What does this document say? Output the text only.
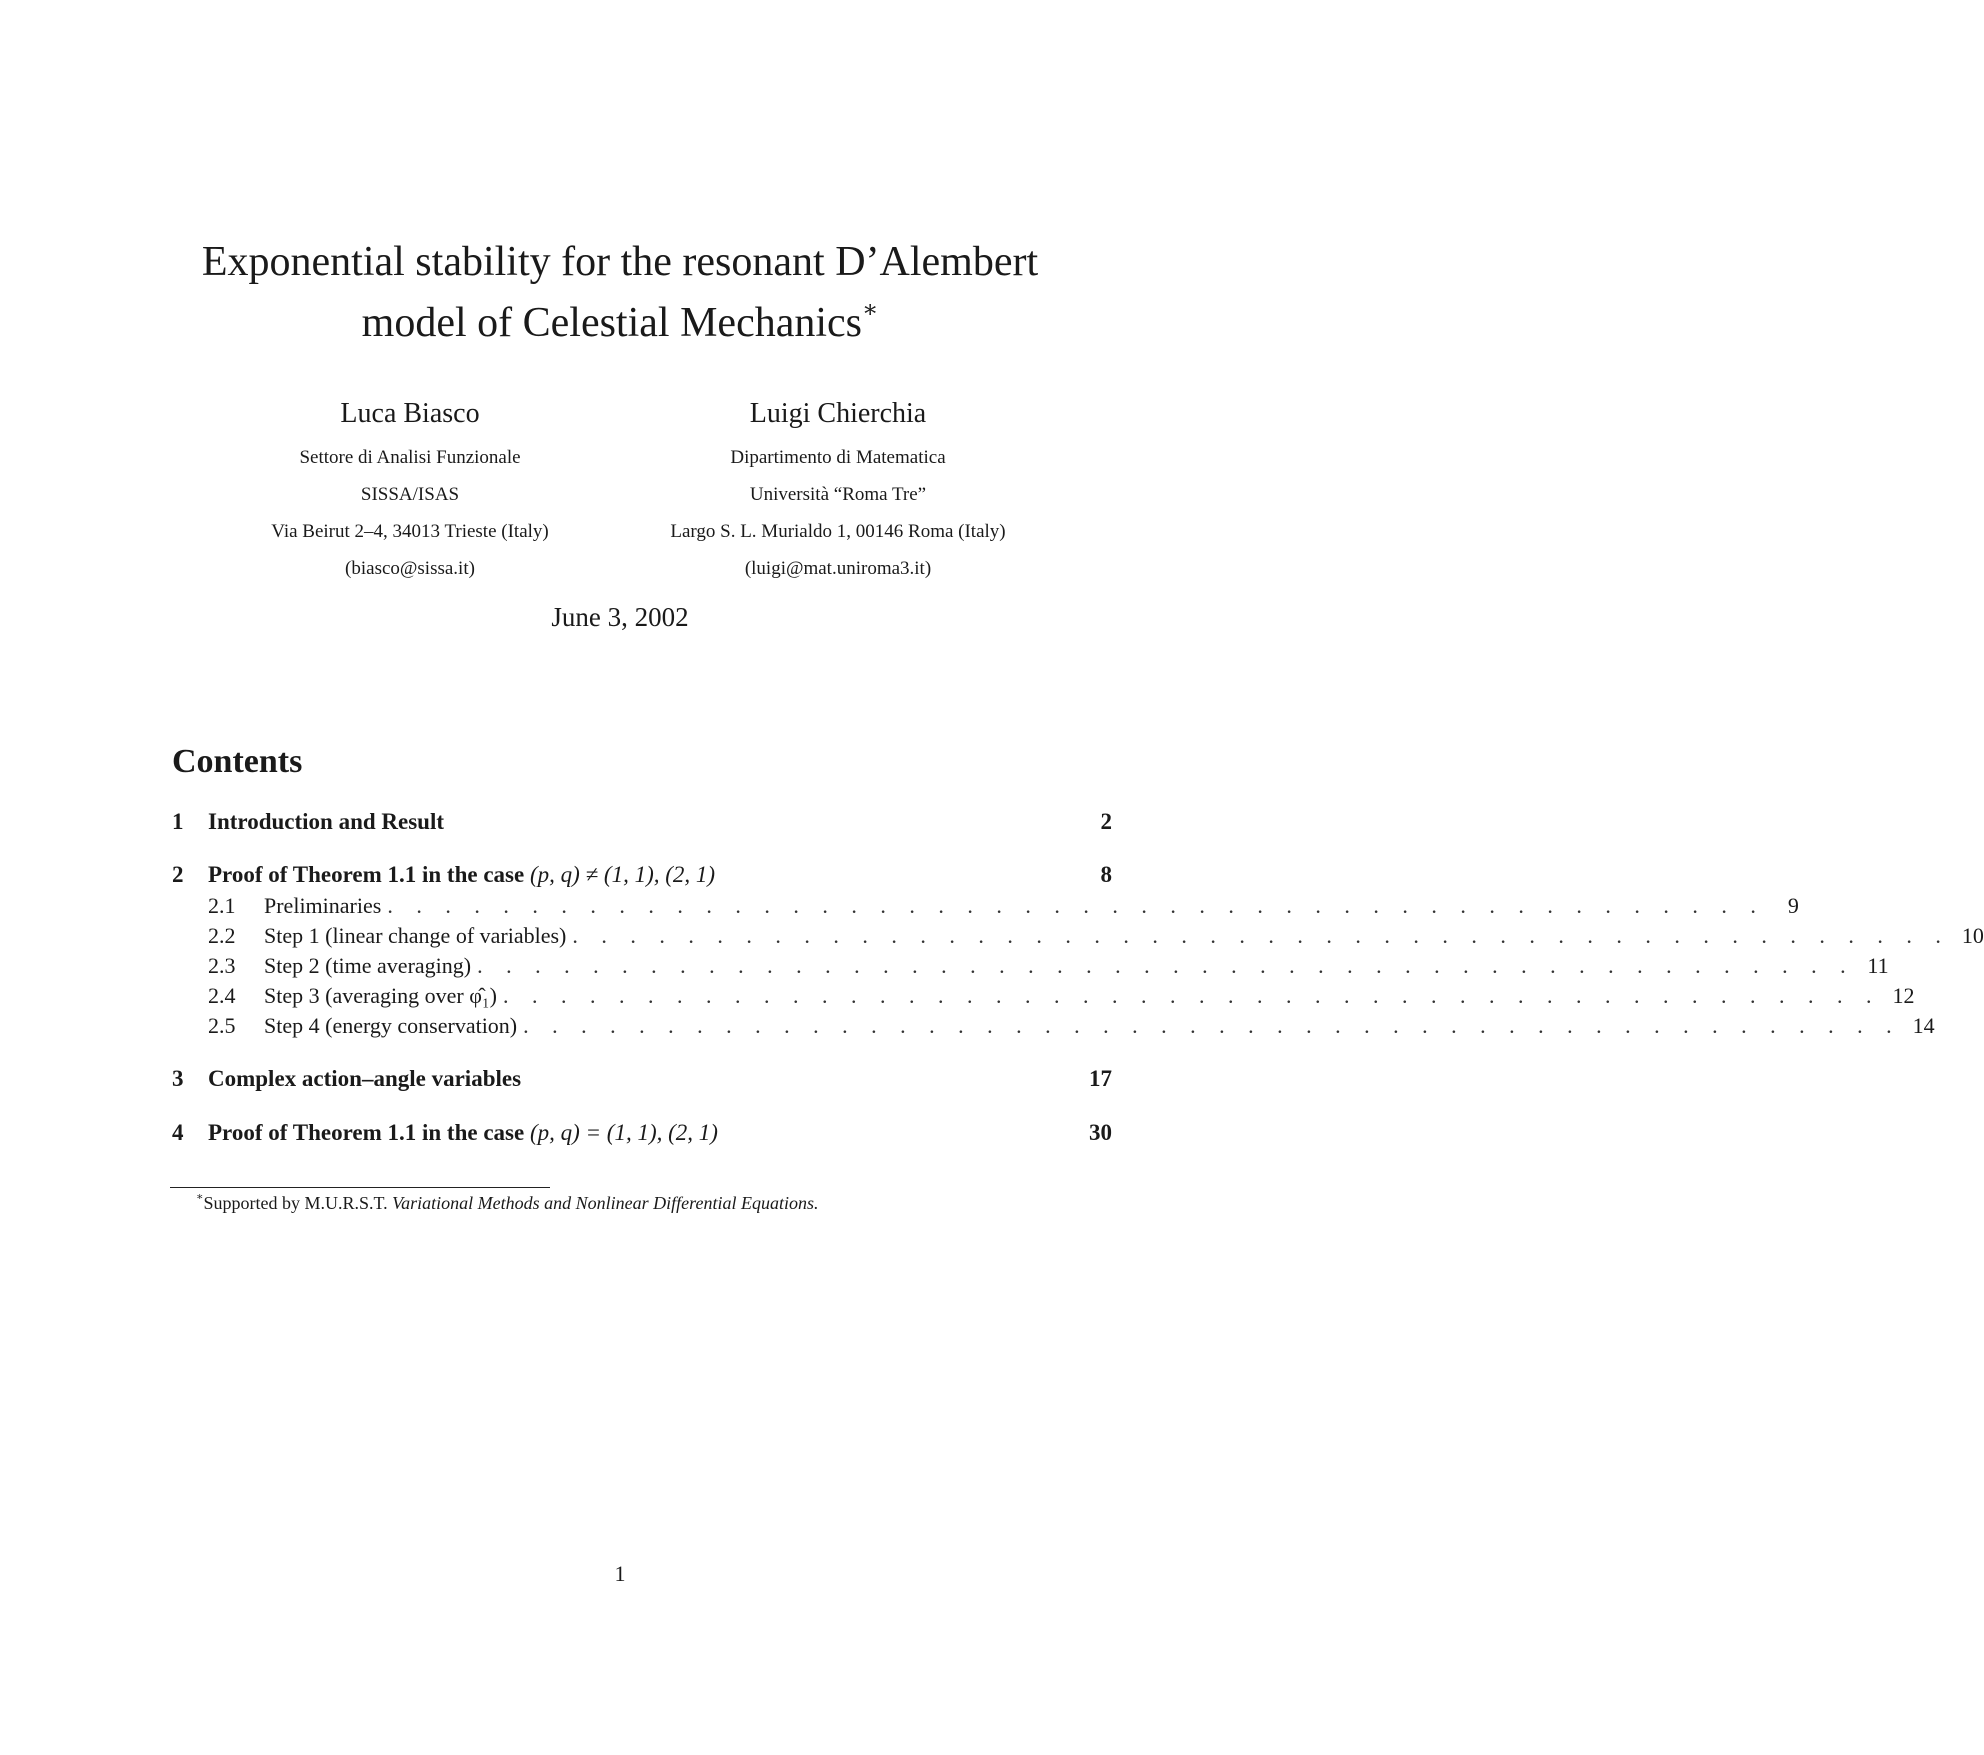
Exponential stability for the resonant D’Alembert
model of Celestial Mechanics∗
Luca Biasco
Settore di Analisi Funzionale
SISSA/ISAS
Via Beirut 2–4, 34013 Trieste (Italy)
(biasco@sissa.it)
Luigi Chierchia
Dipartimento di Matematica
Università “Roma Tre”
Largo S. L. Murialdo 1, 00146 Roma (Italy)
(luigi@mat.uniroma3.it)
June 3, 2002
Contents
1 Introduction and Result	2
2 Proof of Theorem 1.1 in the case (p, q) ≠ (1, 1), (2, 1)	8
2.1 Preliminaries . . . . . . . . . . . . . . . . . . . . . . . . . . . . . . . . . . . . . . . . . . . . . . . .	9
2.2 Step 1 (linear change of variables) . . . . . . . . . . . . . . . . . . . . . . . . . . . . . . . . . . . . . . . . . . . . . . . . 10
2.3 Step 2 (time averaging) . . . . . . . . . . . . . . . . . . . . . . . . . . . . . . . . . . . . . . . . . . . . . . . . 11
2.4 Step 3 (averaging over φ̂₁) . . . . . . . . . . . . . . . . . . . . . . . . . . . . . . . . . . . . . . . . . . . . . . . . 12
2.5 Step 4 (energy conservation) . . . . . . . . . . . . . . . . . . . . . . . . . . . . . . . . . . . . . . . . . . . . . . . . 14
3 Complex action–angle variables	17
4 Proof of Theorem 1.1 in the case (p, q) = (1, 1), (2, 1)	30
∗Supported by M.U.R.S.T. Variational Methods and Nonlinear Differential Equations.
1
